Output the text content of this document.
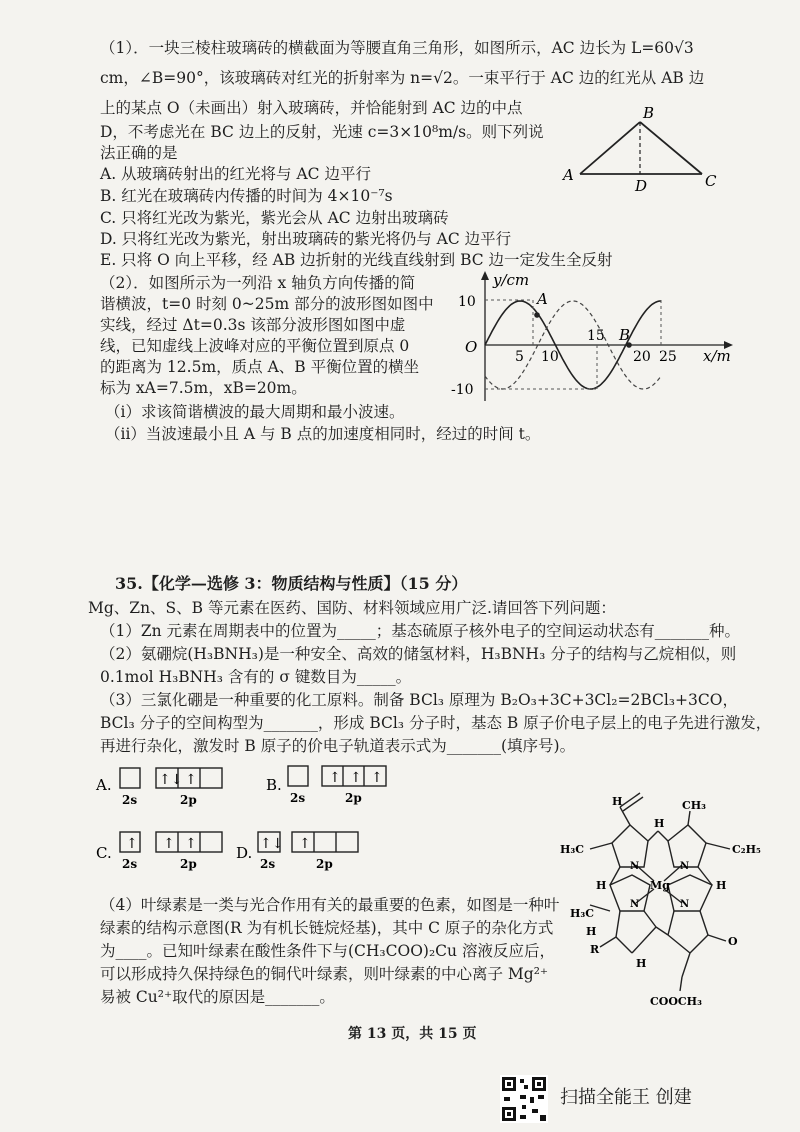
（1）．一块三棱柱玻璃砖的横截面为等腰直角三角形，如图所示，AC 边长为 L=60√3
cm，∠B=90°，该玻璃砖对红光的折射率为 n=√2。一束平行于 AC 边的红光从 AB 边
上的某点 O（未画出）射入玻璃砖，并恰能射到 AC 边的中点
D，不考虑光在 BC 边上的反射，光速 c=3×10⁸m/s。则下列说
法正确的是
A. 从玻璃砖射出的红光将与 AC 边平行
B. 红光在玻璃砖内传播的时间为 4×10⁻⁷s
C. 只将红光改为紫光，紫光会从 AC 边射出玻璃砖
D. 只将红光改为紫光，射出玻璃砖的紫光将仍与 AC 边平行
E. 只将 O 向上平移，经 AB 边折射的光线直线射到 BC 边一定发生全反射
B
A	C
D
（2）．如图所示为一列沿 x 轴负方向传播的简
谐横波，t=0 时刻 0~25m 部分的波形图如图中
实线，经过 Δt=0.3s 该部分波形图如图中虚
线，已知虚线上波峰对应的平衡位置到原点 0
的距离为 12.5m，质点 A、B 平衡位置的横坐
标为 xA=7.5m，xB=20m。
（i）求该简谐横波的最大周期和最小波速。
（ii）当波速最小且 A 与 B 点的加速度相同时，经过的时间 t。
y/cm
x/m
O
10
-10
5 10
15
20 25
A
B
35.【化学—选修 3：物质结构与性质】（15 分）
Mg、Zn、S、B 等元素在医药、国防、材料领域应用广泛.请回答下列问题：
（1）Zn 元素在周期表中的位置为_____；基态硫原子核外电子的空间运动状态有_______种。
（2）氨硼烷(H₃BNH₃)是一种安全、高效的储氢材料，H₃BNH₃ 分子的结构与乙烷相似，则
0.1mol H₃BNH₃ 含有的 σ 键数目为_____。
（3）三氯化硼是一种重要的化工原料。制备 BCl₃ 原理为 B₂O₃+3C+3Cl₂=2BCl₃+3CO，
BCl₃ 分子的空间构型为_______，形成 BCl₃ 分子时，基态 B 原子价电子层上的电子先进行激发，
再进行杂化，激发时 B 原子的价电子轨道表示式为_______(填序号)。
A.	↑↓ ↑
2s	2p
B.	↑ ↑ ↑
2s	2p
C. ↑ ↑ ↑
2s	2p
D. ↑↓ ↑
2s	2p
（4）叶绿素是一类与光合作用有关的最重要的色素，如图是一种叶
绿素的结构示意图(R 为有机长链烷烃基)，其中 C 原子的杂化方式
为____。已知叶绿素在酸性条件下与(CH₃COO)₂Cu 溶液反应后，
可以形成持久保持绿色的铜代叶绿素，则叶绿素的中心离子 Mg²⁺
易被 Cu²⁺取代的原因是_______。
H
H
CH₃
H₃C	C₂H₅
H	H
N	N
N	N
Mg
H₃C
H
R
H
O
COOCH₃
第 13 页，共 15 页
扫描全能王 创建
